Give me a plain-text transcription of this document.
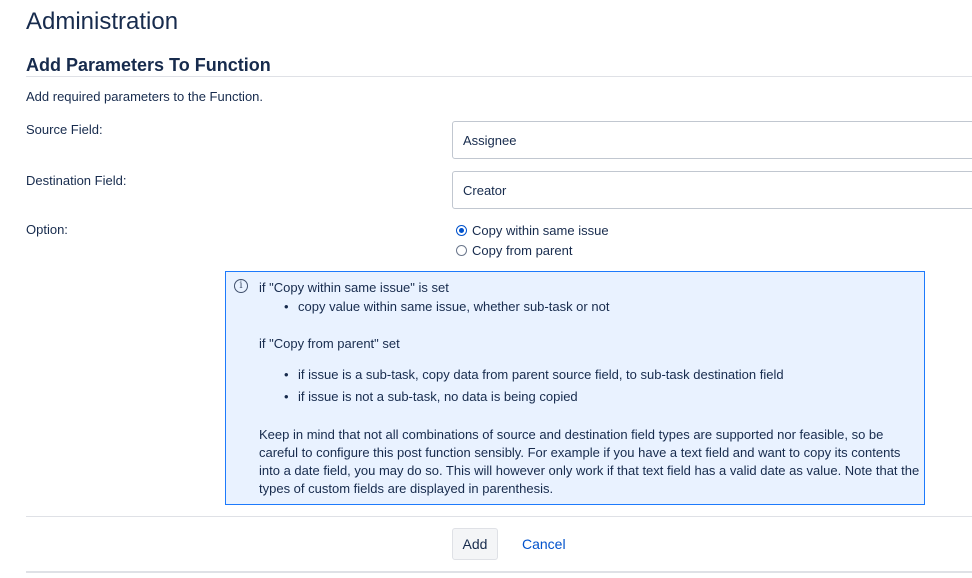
Administration
Add Parameters To Function
Add required parameters to the Function.
Source Field:
Assignee
Destination Field:
Creator
Option:	Copy within same issue
Copy from parent
i	if "Copy within same issue" is set
• copy value within same issue, whether sub-task or not
if "Copy from parent" set
• if issue is a sub-task, copy data from parent source field, to sub-task destination field
• if issue is not a sub-task, no data is being copied
Keep in mind that not all combinations of source and destination field types are supported nor feasible, so be careful to configure this post function sensibly. For example if you have a text field and want to copy its contents into a date field, you may do so. This will however only work if that text field has a valid date as value. Note that the types of custom fields are displayed in parenthesis.
Add	Cancel
